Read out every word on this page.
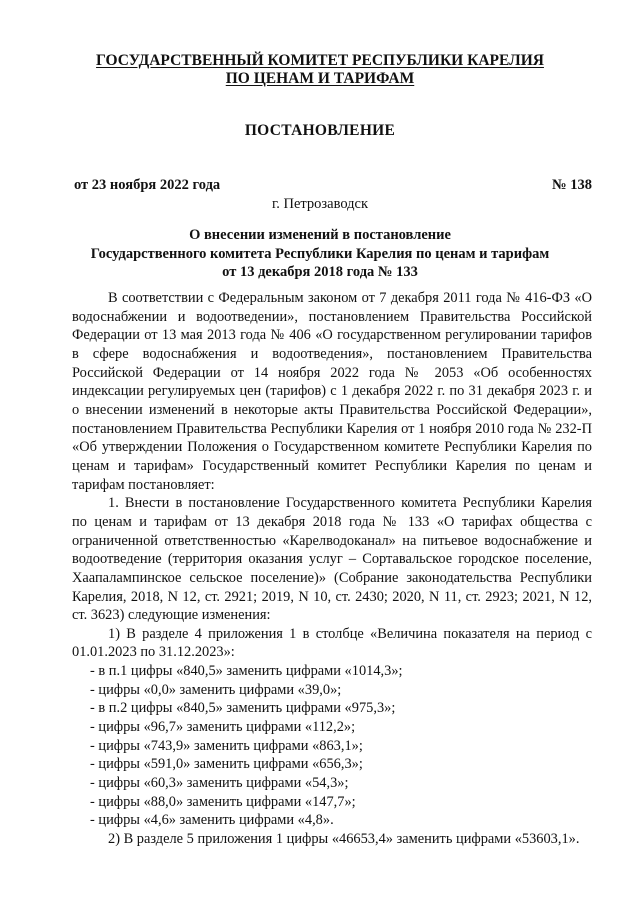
ГОСУДАРСТВЕННЫЙ КОМИТЕТ РЕСПУБЛИКИ КАРЕЛИЯ
ПО ЦЕНАМ И ТАРИФАМ
ПОСТАНОВЛЕНИЕ
от 23 ноября 2022 года	№ 138
г. Петрозаводск
О внесении изменений в постановление
Государственного комитета Республики Карелия по ценам и тарифам
от 13 декабря 2018 года № 133

В соответствии с Федеральным законом от 7 декабря 2011 года № 416-ФЗ «О водоснабжении и водоотведении», постановлением Правительства Российской Федерации от 13 мая 2013 года № 406 «О государственном регулировании тарифов в сфере водоснабжения и водоотведения», постановлением Правительства Российской Федерации от 14 ноября 2022 года № 2053 «Об особенностях индексации регулируемых цен (тарифов) с 1 декабря 2022 г. по 31 декабря 2023 г. и о внесении изменений в некоторые акты Правительства Российской Федерации», постановлением Правительства Республики Карелия от 1 ноября 2010 года № 232-П «Об утверждении Положения о Государственном комитете Республики Карелия по ценам и тарифам» Государственный комитет Республики Карелия по ценам и тарифам постановляет:

1. Внести в постановление Государственного комитета Республики Карелия по ценам и тарифам от 13 декабря 2018 года № 133 «О тарифах общества с ограниченной ответственностью «Карелводоканал» на питьевое водоснабжение и водоотведение (территория оказания услуг – Сортавальское городское поселение, Хаапалампинское сельское поселение)» (Собрание законодательства Республики Карелия, 2018, N 12, ст. 2921; 2019, N 10, ст. 2430; 2020, N 11, ст. 2923; 2021, N 12, ст. 3623) следующие изменения:

1) В разделе 4 приложения 1 в столбце «Величина показателя на период с 01.01.2023 по 31.12.2023»:

- в п.1 цифры «840,5» заменить цифрами «1014,3»;
- цифры «0,0» заменить цифрами «39,0»;
- в п.2 цифры «840,5» заменить цифрами «975,3»;
- цифры «96,7» заменить цифрами «112,2»;
- цифры «743,9» заменить цифрами «863,1»;
- цифры «591,0» заменить цифрами «656,3»;
- цифры «60,3» заменить цифрами «54,3»;
- цифры «88,0» заменить цифрами «147,7»;
- цифры «4,6» заменить цифрами «4,8».

2) В разделе 5 приложения 1 цифры «46653,4» заменить цифрами «53603,1».
